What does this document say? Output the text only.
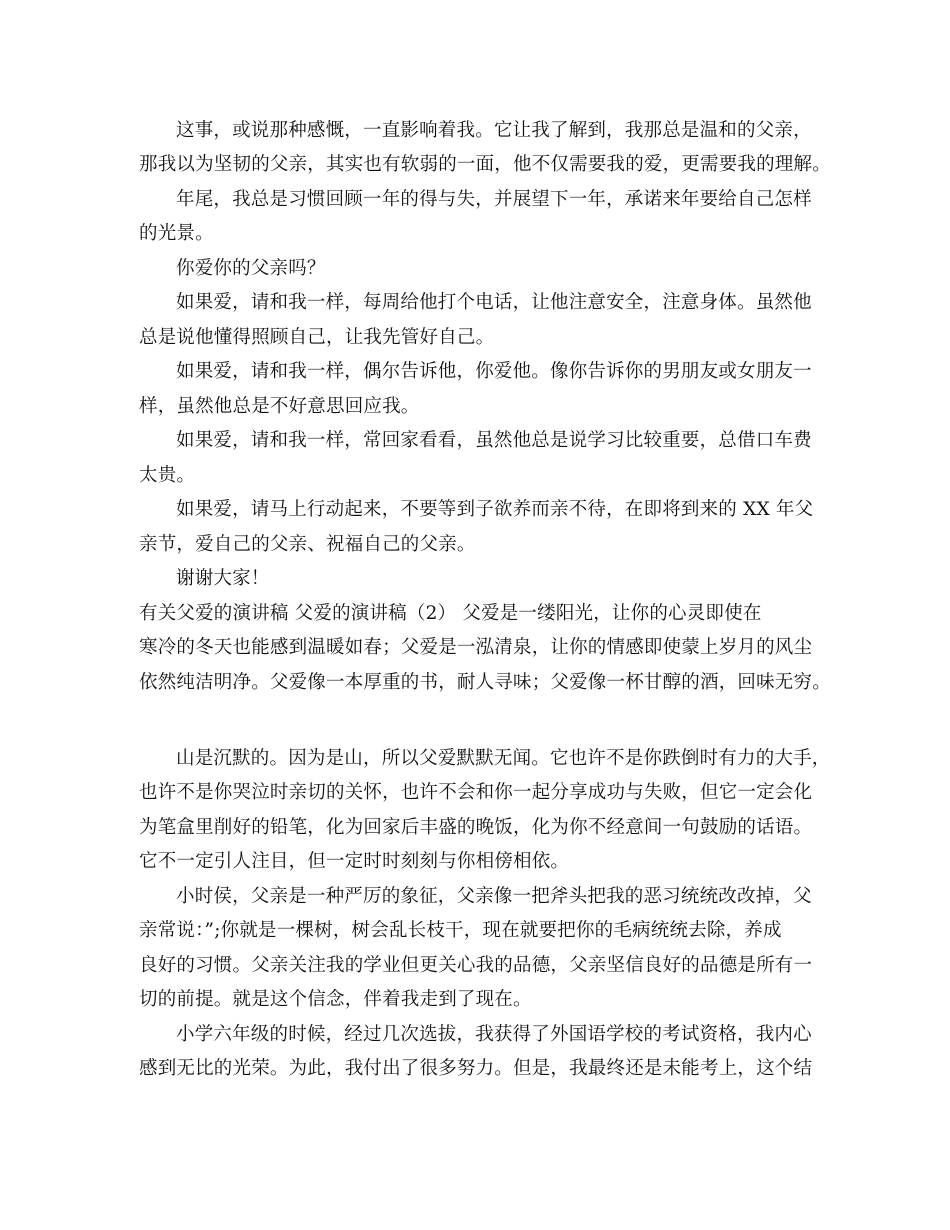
这事，或说那种感慨，一直影响着我。它让我了解到，我那总是温和的父亲，
那我以为坚韧的父亲，其实也有软弱的一面，他不仅需要我的爱，更需要我的理解。
年尾，我总是习惯回顾一年的得与失，并展望下一年，承诺来年要给自己怎样
的光景。
你爱你的父亲吗？
如果爱，请和我一样，每周给他打个电话，让他注意安全，注意身体。虽然他
总是说他懂得照顾自己，让我先管好自己。
如果爱，请和我一样，偶尔告诉他，你爱他。像你告诉你的男朋友或女朋友一
样，虽然他总是不好意思回应我。
如果爱，请和我一样，常回家看看，虽然他总是说学习比较重要，总借口车费
太贵。
如果爱，请马上行动起来，不要等到子欲养而亲不待，在即将到来的 XX 年父
亲节，爱自己的父亲、祝福自己的父亲。
谢谢大家！
有关父爱的演讲稿 父爱的演讲稿（2） 父爱是一缕阳光，让你的心灵即使在
寒冷的冬天也能感到温暖如春；父爱是一泓清泉，让你的情感即使蒙上岁月的风尘
依然纯洁明净。父爱像一本厚重的书，耐人寻味；父爱像一杯甘醇的酒，回味无穷。
山是沉默的。因为是山，所以父爱默默无闻。它也许不是你跌倒时有力的大手，
也许不是你哭泣时亲切的关怀，也许不会和你一起分享成功与失败，但它一定会化
为笔盒里削好的铅笔，化为回家后丰盛的晚饭，化为你不经意间一句鼓励的话语。
它不一定引人注目，但一定时时刻刻与你相傍相依。
小时侯，父亲是一种严厉的象征，父亲像一把斧头把我的恶习统统改改掉，父
亲常说：”;你就是一棵树，树会乱长枝干，现在就要把你的毛病统统去除，养成
良好的习惯。父亲关注我的学业但更关心我的品德，父亲坚信良好的品德是所有一
切的前提。就是这个信念，伴着我走到了现在。
小学六年级的时候，经过几次选拔，我获得了外国语学校的考试资格，我内心
感到无比的光荣。为此，我付出了很多努力。但是，我最终还是未能考上，这个结
